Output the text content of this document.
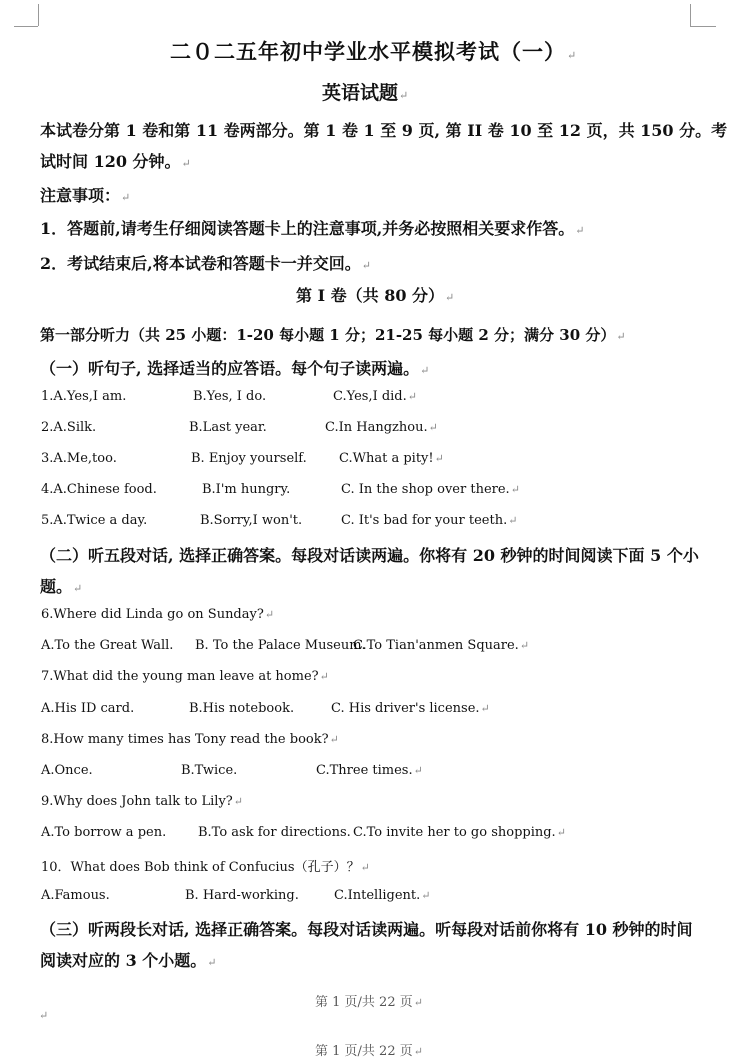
二０二五年初中学业水平模拟考试（一）↵
英语试题↵
本试卷分第 1 卷和第 11 卷两部分。第 1 卷 1 至 9 页, 第 II 卷 10 至 12 页，共 150 分。考
试时间 120 分钟。↵
注意事项：↵
1．答题前,请考生仔细阅读答题卡上的注意事项,并务必按照相关要求作答。↵
2．考试结束后,将本试卷和答题卡一并交回。↵
第 I 卷（共 80 分）↵
第一部分听力（共 25 小题：1-20 每小题 1 分；21-25 每小题 2 分；满分 30 分）↵
（一）听句子, 选择适当的应答语。每个句子读两遍。↵
1.A.Yes,I am.	B.Yes, I do.	C.Yes,I did.↵
2.A.Silk.	B.Last year.	C.In Hangzhou.↵
3.A.Me,too.	B. Enjoy yourself. C.What a pity!↵
4.A.Chinese food.	B.I'm hungry.	C. In the shop over there.↵
5.A.Twice a day.	B.Sorry,I won't.	C. It's bad for your teeth.↵
（二）听五段对话, 选择正确答案。每段对话读两遍。你将有 20 秒钟的时间阅读下面 5 个小
题。↵
6.Where did Linda go on Sunday?↵
A.To the Great Wall. B. To the Palace Museum.
C.To Tian'anmen Square.↵
7.What did the young man leave at home?↵
A.His ID card.	B.His notebook.	C. His driver's license.↵
8.How many times has Tony read the book?↵
A.Once.	B.Twice.	C.Three times.↵
9.Why does John talk to Lily?↵
A.To borrow a pen. B.To ask for directions. C.To invite her to go shopping.↵
10．What does Bob think of Confucius（孔子）？↵
A.Famous.	B. Hard-working.	C.Intelligent.↵
（三）听两段长对话, 选择正确答案。每段对话读两遍。听每段对话前你将有 10 秒钟的时间
阅读对应的 3 个小题。↵
第 1 页/共 22 页↵
↵
第 1 页/共 22 页↵
